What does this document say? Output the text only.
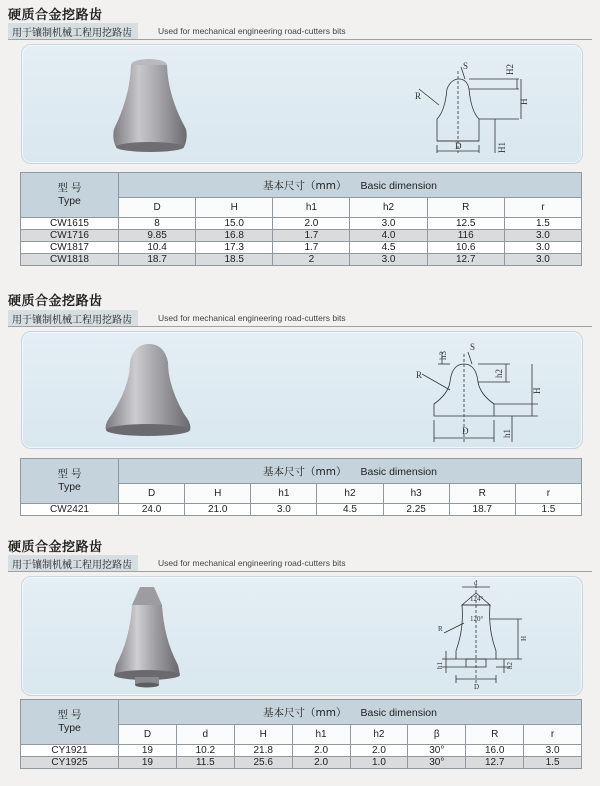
硬质合金挖路齿
用于镶制机械工程用挖路齿	Used for mechanical engineering road-cutters bits
S	H2
H
R
D	H1
型 号
Type	基本尺寸（mm） Basic dimension					
	D	H	h1	h2	R	r
CW1615	8	15.0	2.0	3.0	12.5	1.5
CW1716	9.85	16.8	1.7	4.0	116	3.0
CW1817	10.4	17.3	1.7	4.5	10.6	3.0
CW1818	18.7	18.5	2	3.0	12.7	3.0
硬质合金挖路齿
用于镶制机械工程用挖路齿	Used for mechanical engineering road-cutters bits
h3
S
h2
R
H
D	h1
型 号
Type	基本尺寸（mm） Basic dimension						
	D	H	h1	h2	h3	R	r
CW2421	24.0	21.0	3.0	4.5	2.25	18.7	1.5
硬质合金挖路齿
用于镶制机械工程用挖路齿	Used for mechanical engineering road-cutters bits
d
124°
120°
R
H
h1	h2
D
型 号
Type	基本尺寸（mm） Basic dimension							
	D	d	H	h1	h2	β	R	r
CY1921	19	10.2	21.8	2.0	2.0	30°	16.0	3.0
CY1925	19	11.5	25.6	2.0	1.0	30°	12.7	1.5
